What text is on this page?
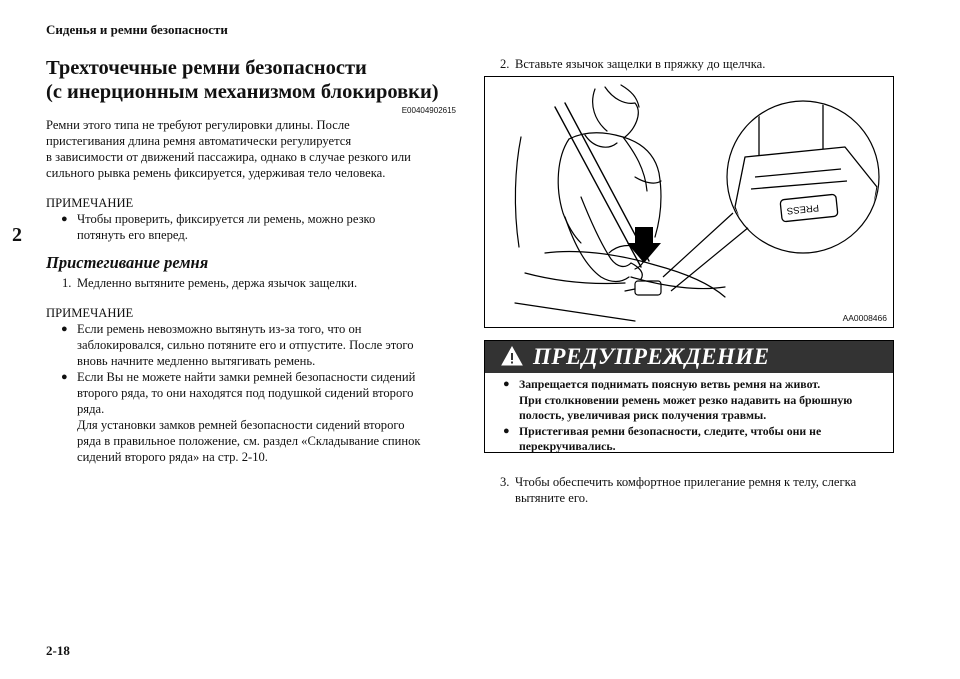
Сиденья и ремни безопасности
2
2-18

Трехточечные ремни безопасности
(с инерционным механизмом блокировки)

E00404902615

Ремни этого типа не требуют регулировки длины. После
пристегивания длина ремня автоматически регулируется
в зависимости от движений пассажира, однако в случае резкого или
сильного рывка ремень фиксируется, удерживая тело человека.

ПРИМЕЧАНИЕ
● Чтобы проверить, фиксируется ли ремень, можно резко
потянуть его вперед.
Пристегивание ремня
1. Медленно вытяните ремень, держа язычок защелки.
ПРИМЕЧАНИЕ
● Если ремень невозможно вытянуть из-за того, что он
заблокировался, сильно потяните его и отпустите. После этого
вновь начните медленно вытягивать ремень.
● Если Вы не можете найти замки ремней безопасности сидений
второго ряда, то они находятся под подушкой сидений второго
ряда.
Для установки замков ремней безопасности сидений второго
ряда в правильное положение, см. раздел «Складывание спинок
сидений второго ряда» на стр. 2-10.
2. Вставьте язычок защелки в пряжку до щелчка.
PRESS
AA0008466
ПРЕДУПРЕЖДЕНИЕ
● Запрещается поднимать поясную ветвь ремня на живот.
При столкновении ремень может резко надавить на брюшную
полость, увеличивая риск получения травмы.
● Пристегивая ремни безопасности, следите, чтобы они не
перекручивались.
3. Чтобы обеспечить комфортное прилегание ремня к телу, слегка
вытяните его.
